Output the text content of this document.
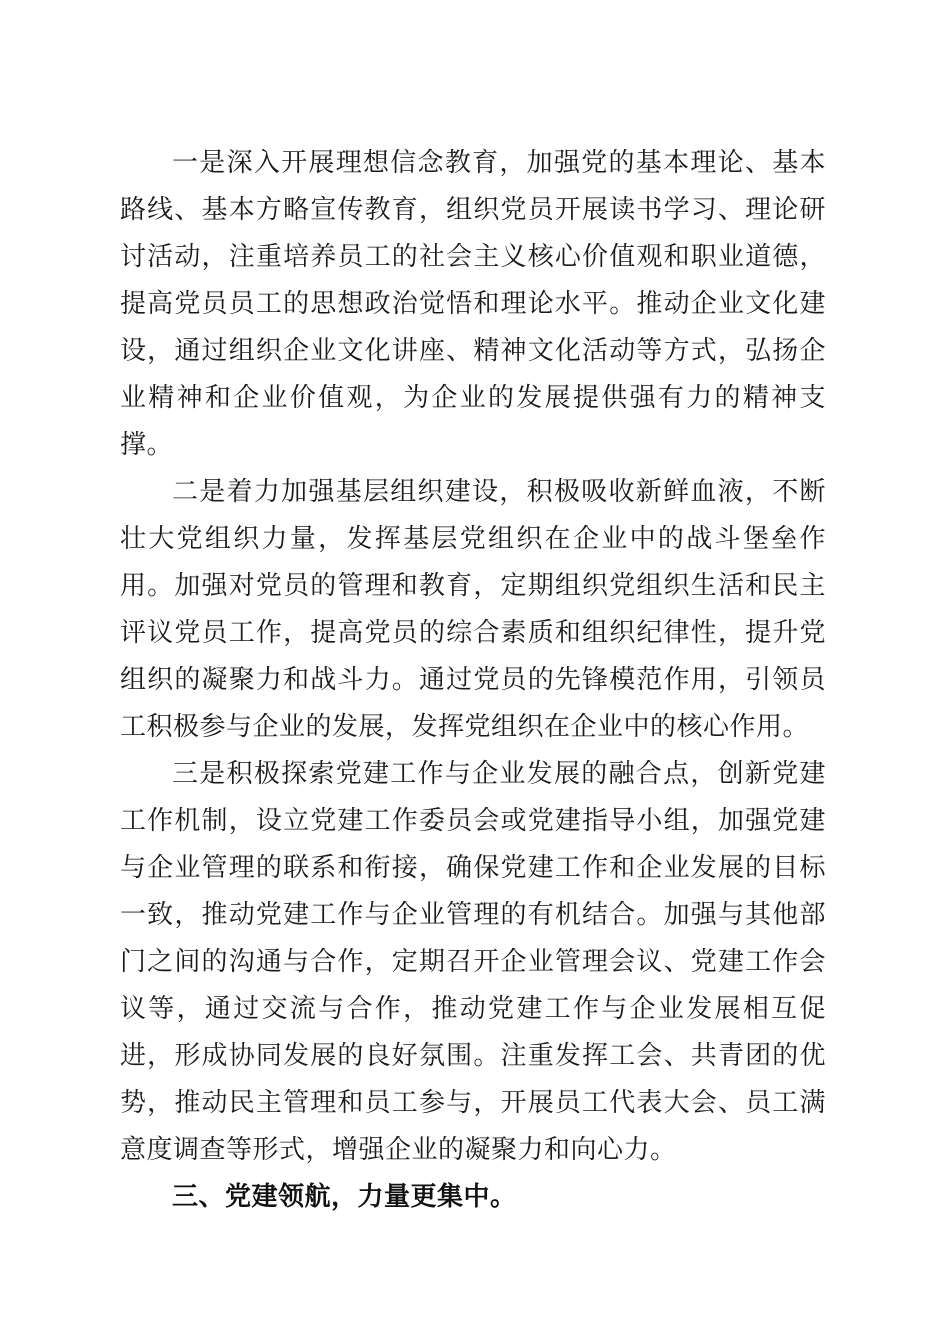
一是深入开展理想信念教育，加强党的基本理论、基本路线、基本方略宣传教育，组织党员开展读书学习、理论研讨活动，注重培养员工的社会主义核心价值观和职业道德，提高党员员工的思想政治觉悟和理论水平。推动企业文化建设，通过组织企业文化讲座、精神文化活动等方式，弘扬企业精神和企业价值观，为企业的发展提供强有力的精神支撑。

二是着力加强基层组织建设，积极吸收新鲜血液，不断壮大党组织力量，发挥基层党组织在企业中的战斗堡垒作用。加强对党员的管理和教育，定期组织党组织生活和民主评议党员工作，提高党员的综合素质和组织纪律性，提升党组织的凝聚力和战斗力。通过党员的先锋模范作用，引领员工积极参与企业的发展，发挥党组织在企业中的核心作用。

三是积极探索党建工作与企业发展的融合点，创新党建工作机制，设立党建工作委员会或党建指导小组，加强党建与企业管理的联系和衔接，确保党建工作和企业发展的目标一致，推动党建工作与企业管理的有机结合。加强与其他部门之间的沟通与合作，定期召开企业管理会议、党建工作会议等，通过交流与合作，推动党建工作与企业发展相互促进，形成协同发展的良好氛围。注重发挥工会、共青团的优势，推动民主管理和员工参与，开展员工代表大会、员工满意度调查等形式，增强企业的凝聚力和向心力。

三、党建领航，力量更集中。
